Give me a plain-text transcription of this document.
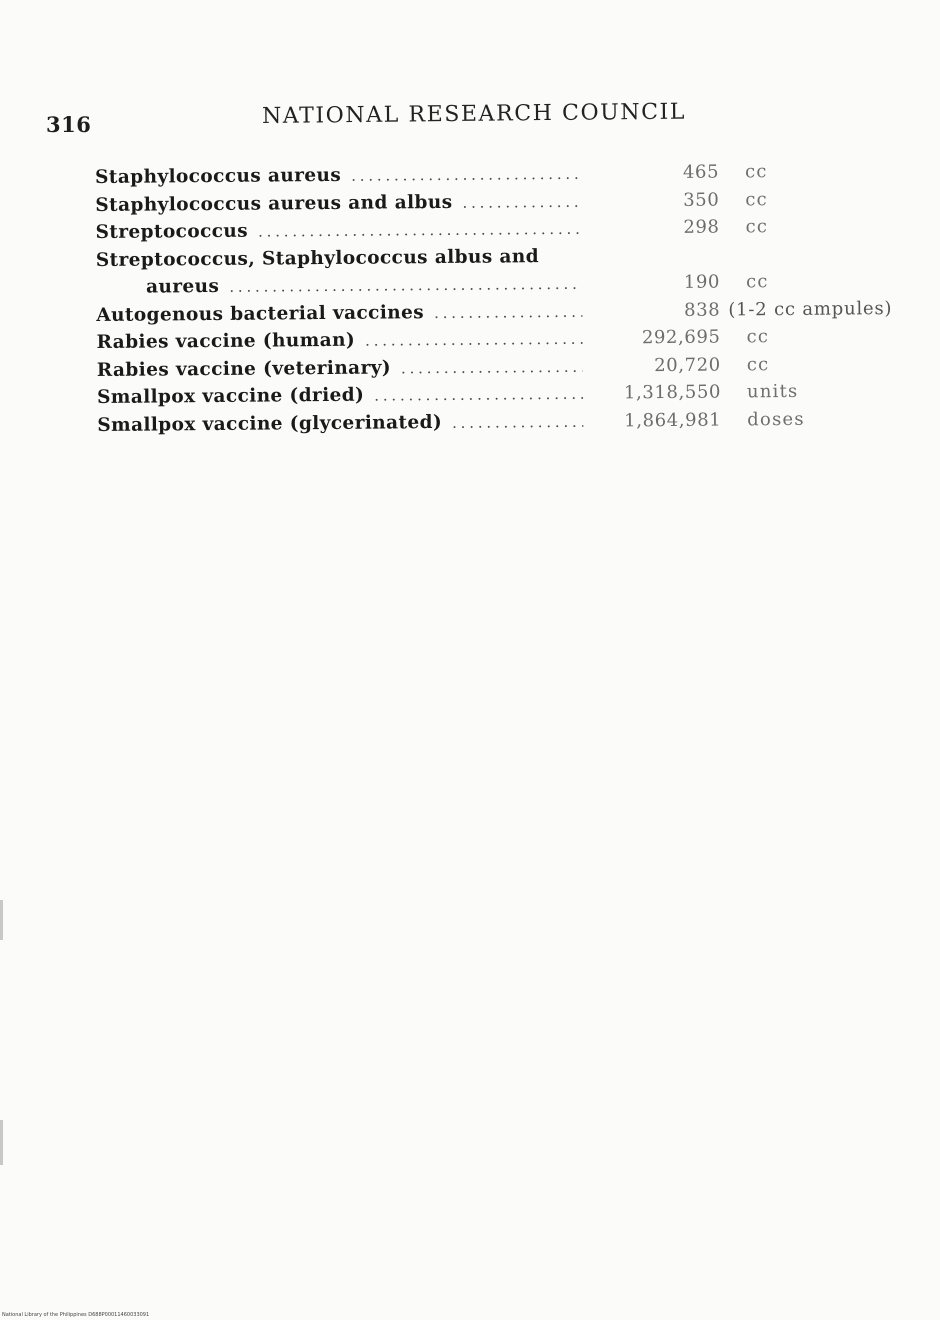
316	NATIONAL RESEARCH COUNCIL
Staphylococcus aureus .....	465 cc
Staphylococcus aureus and albus .....	350 cc
Streptococcus .....	298 cc
Streptococcus, Staphylococcus albus and
aureus .....	190 cc
Autogenous bacterial vaccines .....	838 (1-2 cc ampules)
Rabies vaccine (human) .....	292,695 cc
Rabies vaccine (veterinary) .....	20,720 cc
Smallpox vaccine (dried) .....	1,318,550 units
Smallpox vaccine (glycerinated) .....	1,864,981 doses
National Library of the Philippines D688P00011460033091
